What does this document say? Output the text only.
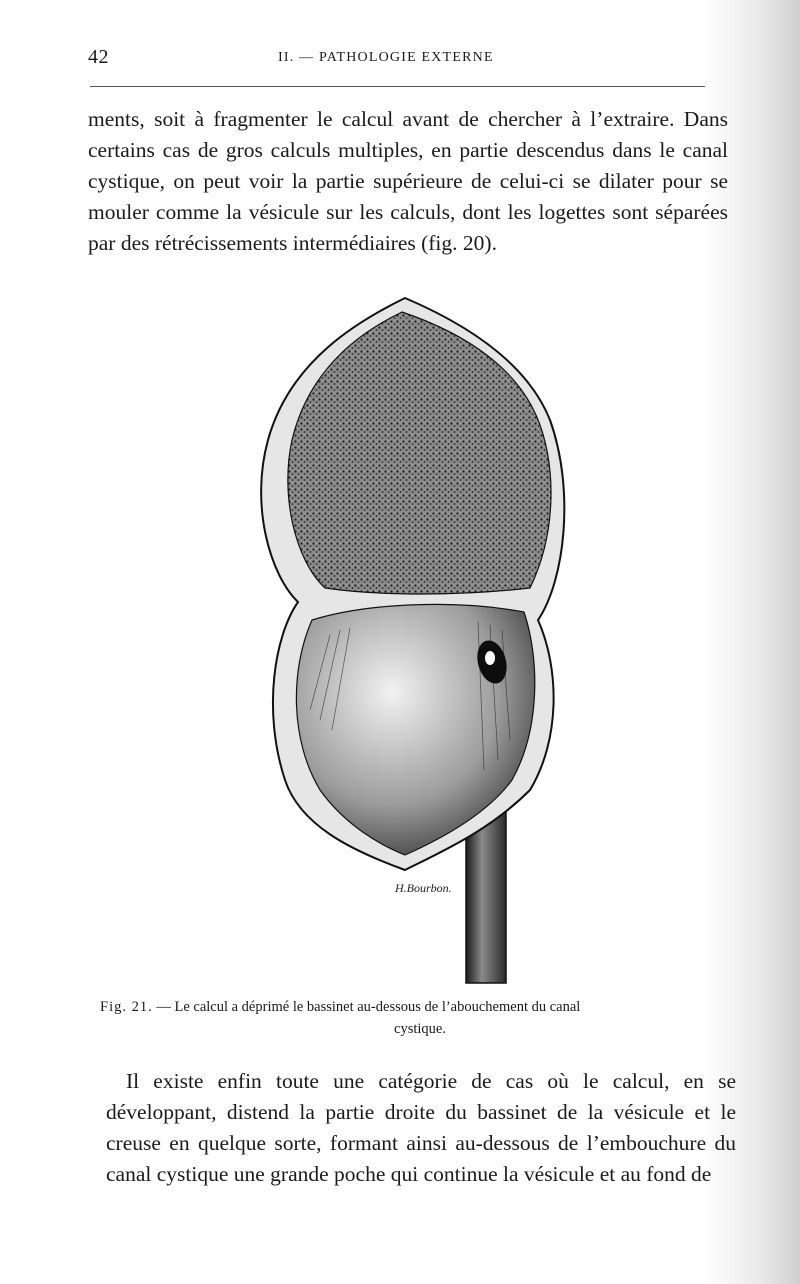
42	II. — PATHOLOGIE EXTERNE

ments, soit à fragmenter le calcul avant de chercher à l’extraire. Dans certains cas de gros calculs multiples, en partie descendus dans le canal cystique, on peut voir la partie supérieure de celui-ci se dilater pour se mouler comme la vésicule sur les calculs, dont les logettes sont séparées par des rétrécissements intermédiaires (fig. 20).

H.Bourbon.
Fig. 21. — Le calcul a déprimé le bassinet au-dessous de l’abouchement du canal
cystique.

Il existe enfin toute une catégorie de cas où le calcul, en se développant, distend la partie droite du bassinet de la vésicule et le creuse en quelque sorte, formant ainsi au-dessous de l’embouchure du canal cystique une grande poche qui continue la vésicule et au fond de
